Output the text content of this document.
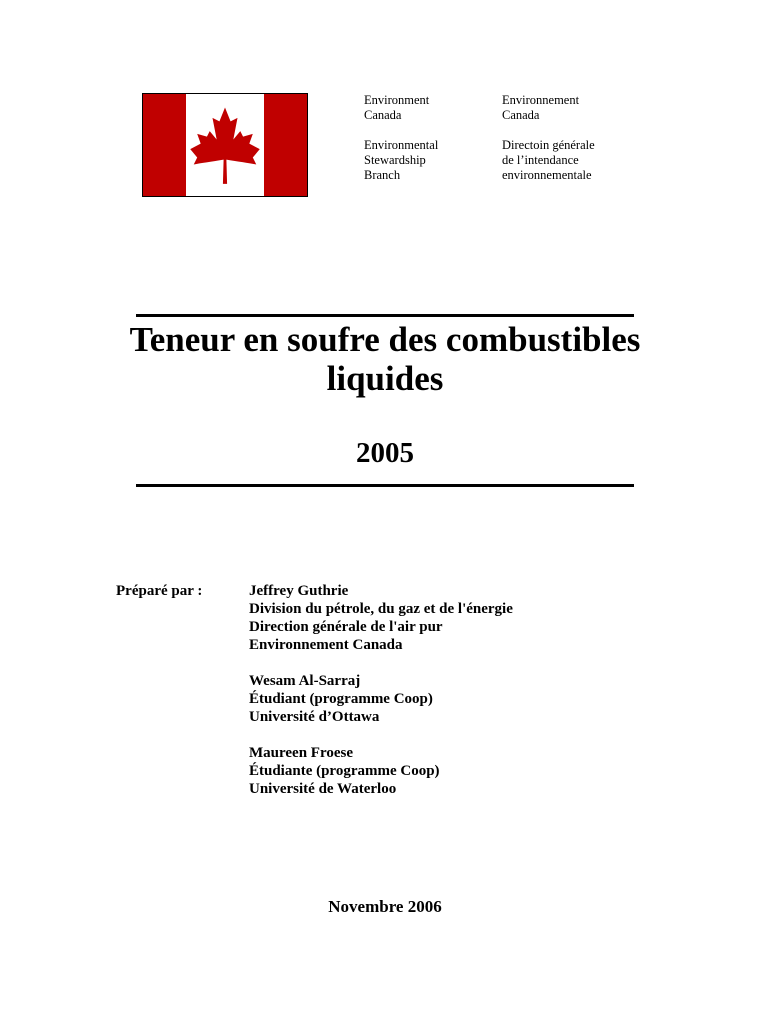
Environment
Canada
Environmental
Stewardship
Branch
Environnement
Canada
Directoin générale
de l’intendance
environnementale
Teneur en soufre des combustibles
liquides
2005
Préparé par :	Jeffrey Guthrie
Division du pétrole, du gaz et de l'énergie
Direction générale de l'air pur
Environnement Canada
Wesam Al-Sarraj
Étudiant (programme Coop)
Université d’Ottawa
Maureen Froese
Étudiante (programme Coop)
Université de Waterloo
Novembre 2006
